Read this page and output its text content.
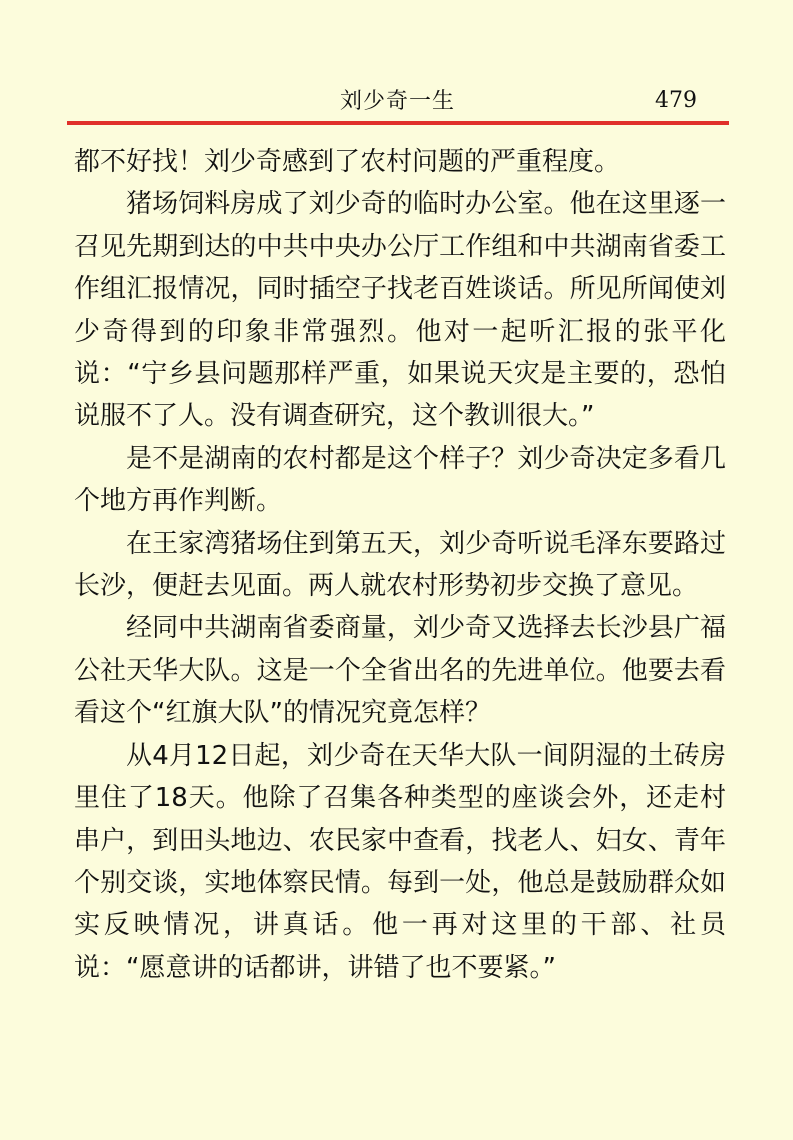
刘少奇一生	479

都不好找！刘少奇感到了农村问题的严重程度。

猪场饲料房成了刘少奇的临时办公室。他在这里逐一召见先期到达的中共中央办公厅工作组和中共湖南省委工作组汇报情况，同时插空子找老百姓谈话。所见所闻使刘少奇得到的印象非常强烈。他对一起听汇报的张平化说：“宁乡县问题那样严重，如果说天灾是主要的，恐怕说服不了人。没有调查研究，这个教训很大。”

是不是湖南的农村都是这个样子？刘少奇决定多看几个地方再作判断。

在王家湾猪场住到第五天，刘少奇听说毛泽东要路过长沙，便赶去见面。两人就农村形势初步交换了意见。

经同中共湖南省委商量，刘少奇又选择去长沙县广福公社天华大队。这是一个全省出名的先进单位。他要去看看这个“红旗大队”的情况究竟怎样？

从4月12日起，刘少奇在天华大队一间阴湿的土砖房里住了18天。他除了召集各种类型的座谈会外，还走村串户，到田头地边、农民家中查看，找老人、妇女、青年个别交谈，实地体察民情。每到一处，他总是鼓励群众如实反映情况，讲真话。他一再对这里的干部、社员说：“愿意讲的话都讲，讲错了也不要紧。”
